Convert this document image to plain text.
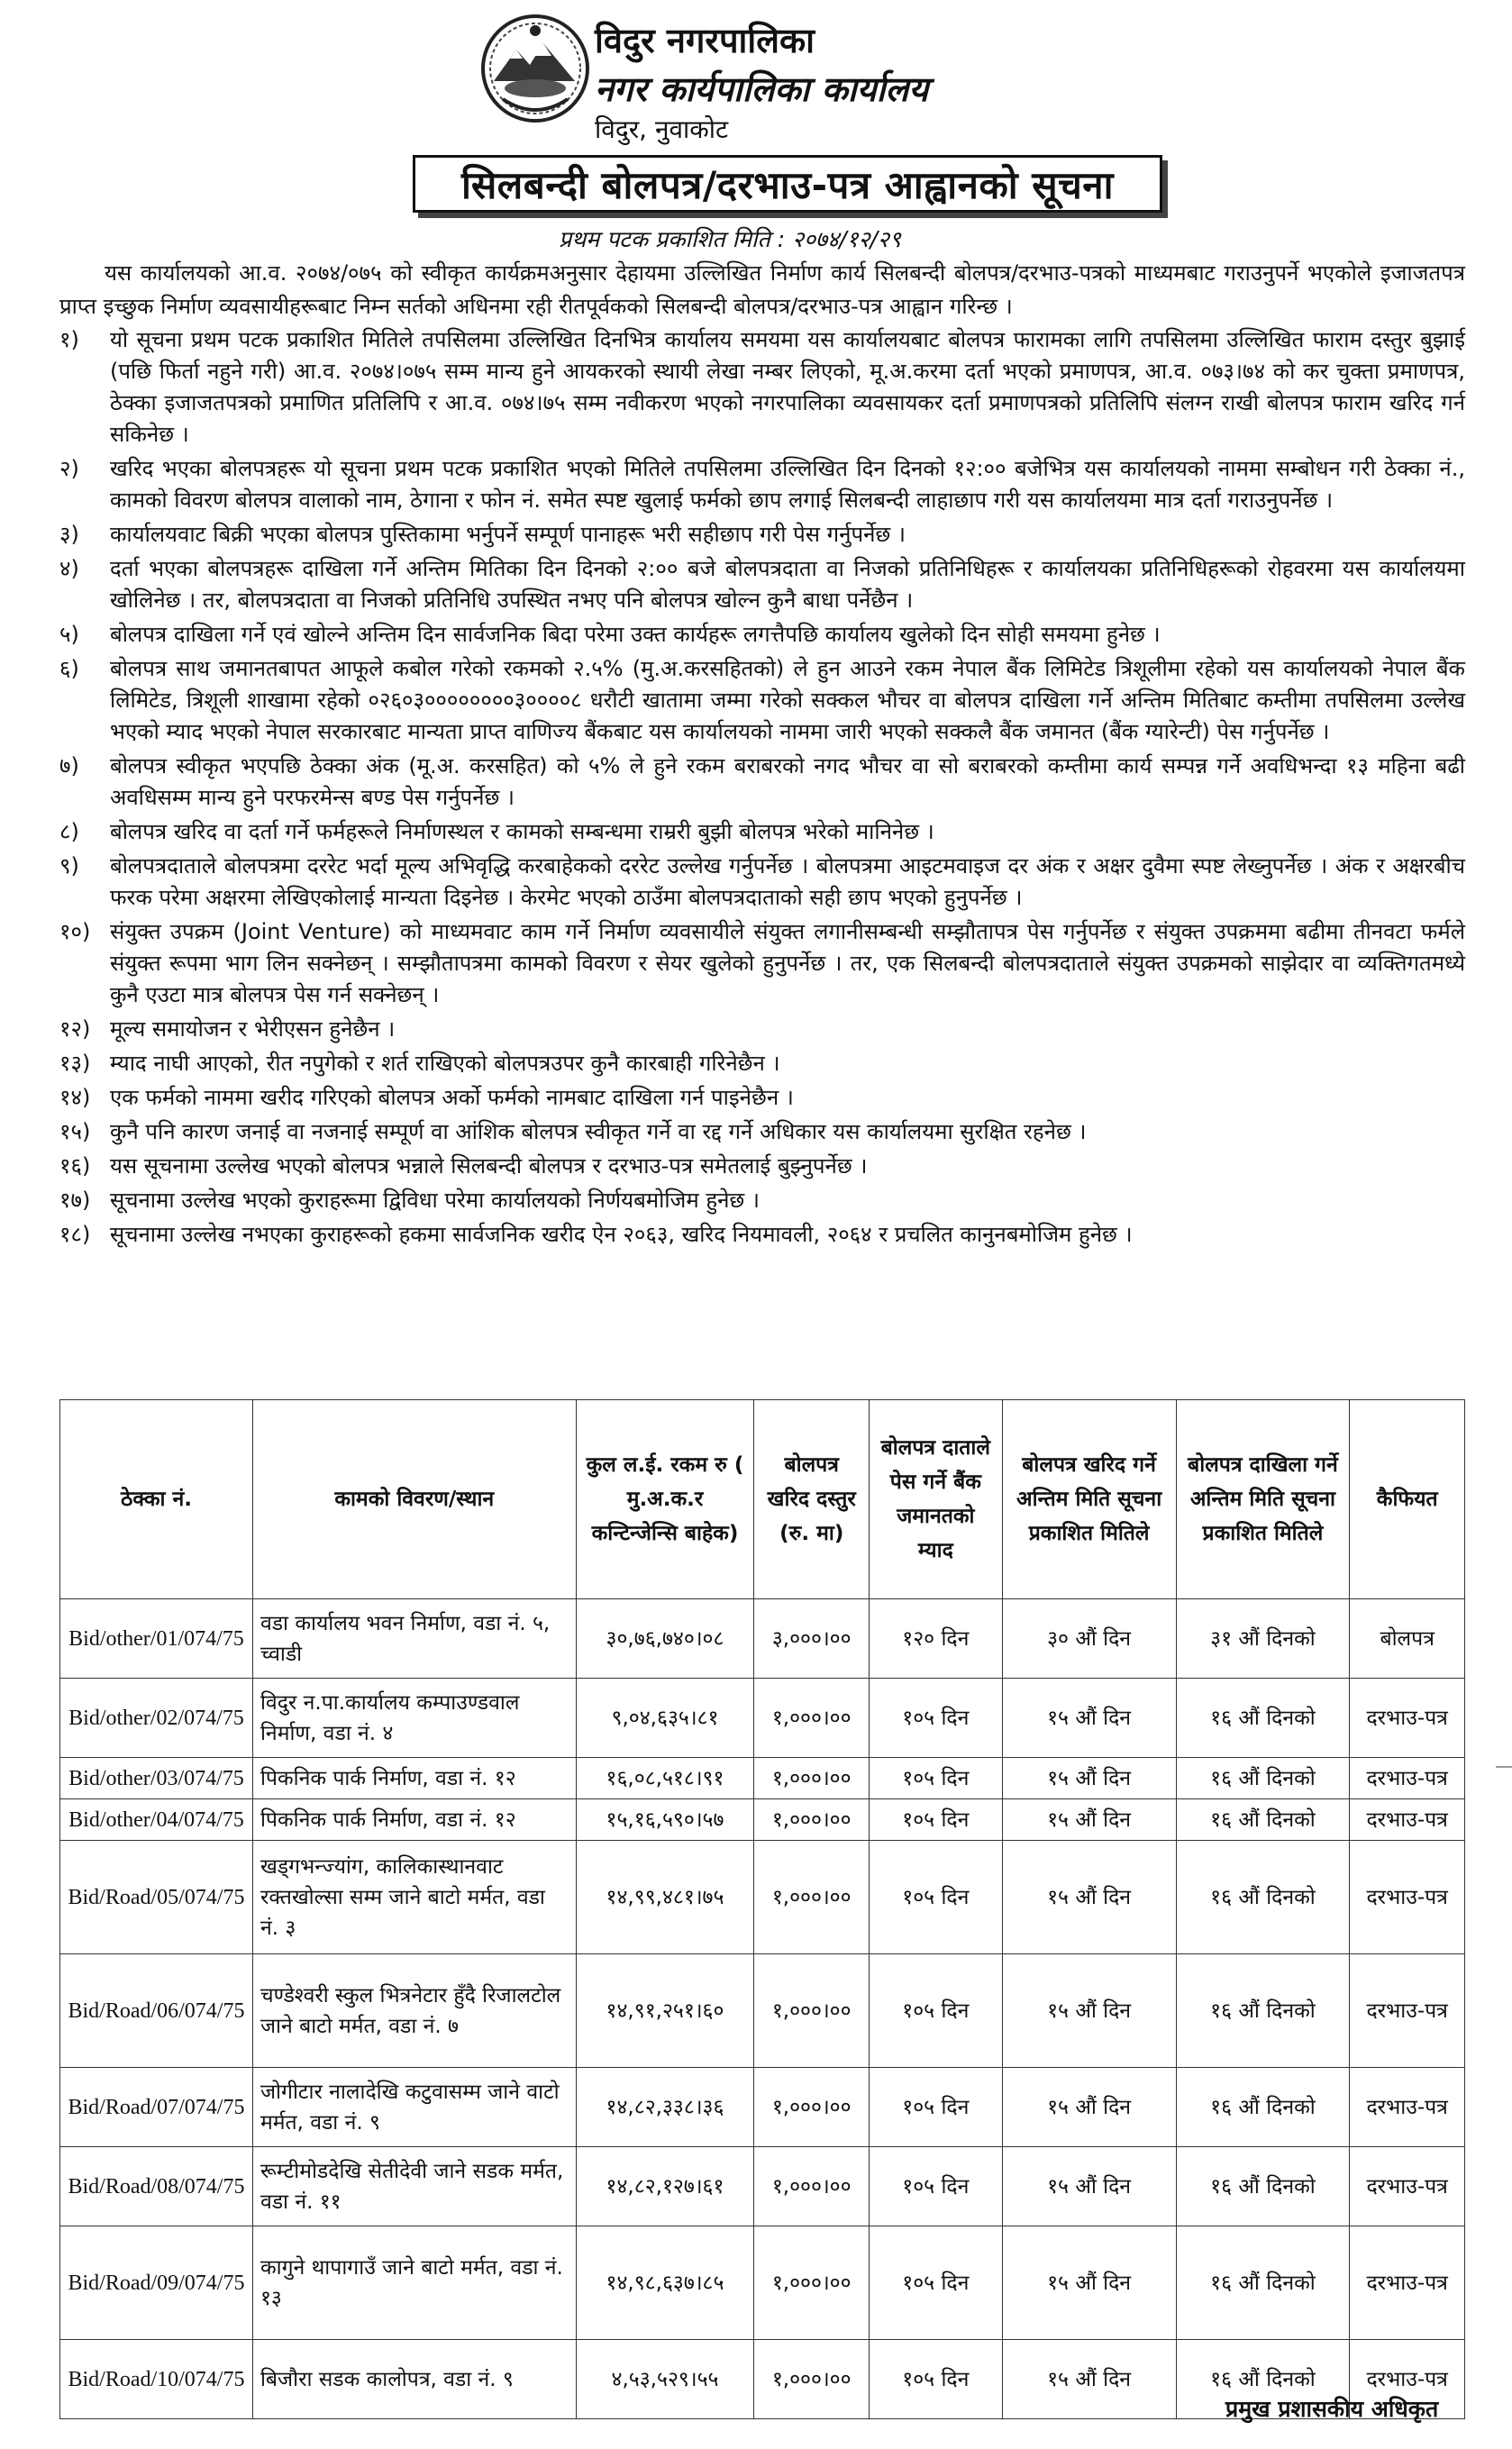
विदुर नगरपालिका
नगर कार्यपालिका कार्यालय
विदुर, नुवाकोट
सिलबन्दी बोलपत्र/दरभाउ-पत्र आह्वानको सूचना
प्रथम पटक प्रकाशित मिति : २०७४/१२/२९

यस कार्यालयको आ.व. २०७४/०७५ को स्वीकृत कार्यक्रमअनुसार देहायमा उल्लिखित निर्माण कार्य सिलबन्दी बोलपत्र/दरभाउ-पत्रको माध्यमबाट गराउनुपर्ने भएकोले इजाजतपत्र प्राप्त इच्छुक निर्माण व्यवसायीहरूबाट निम्न सर्तको अधिनमा रही रीतपूर्वकको सिलबन्दी बोलपत्र/दरभाउ-पत्र आह्वान गरिन्छ ।

१)	यो सूचना प्रथम पटक प्रकाशित मितिले तपसिलमा उल्लिखित दिनभित्र कार्यालय समयमा यस कार्यालयबाट बोलपत्र फारामका लागि तपसिलमा उल्लिखित फाराम दस्तुर बुझाई (पछि फिर्ता नहुने गरी) आ.व. २०७४।०७५ सम्म मान्य हुने आयकरको स्थायी लेखा नम्बर लिएको, मू.अ.करमा दर्ता भएको प्रमाणपत्र, आ.व. ०७३।७४ को कर चुक्ता प्रमाणपत्र, ठेक्का इजाजतपत्रको प्रमाणित प्रतिलिपि र आ.व. ०७४।७५ सम्म नवीकरण भएको नगरपालिका व्यवसायकर दर्ता प्रमाणपत्रको प्रतिलिपि संलग्न राखी बोलपत्र फाराम खरिद गर्न सकिनेछ ।
२)	खरिद भएका बोलपत्रहरू यो सूचना प्रथम पटक प्रकाशित भएको मितिले तपसिलमा उल्लिखित दिन दिनको १२:०० बजेभित्र यस कार्यालयको नाममा सम्बोधन गरी ठेक्का नं., कामको विवरण बोलपत्र वालाको नाम, ठेगाना र फोन नं. समेत स्पष्ट खुलाई फर्मको छाप लगाई सिलबन्दी लाहाछाप गरी यस कार्यालयमा मात्र दर्ता गराउनुपर्नेछ ।
३)	कार्यालयवाट बिक्री भएका बोलपत्र पुस्तिकामा भर्नुपर्ने सम्पूर्ण पानाहरू भरी सहीछाप गरी पेस गर्नुपर्नेछ ।
४)	दर्ता भएका बोलपत्रहरू दाखिला गर्ने अन्तिम मितिका दिन दिनको २:०० बजे बोलपत्रदाता वा निजको प्रतिनिधिहरू र कार्यालयका प्रतिनिधिहरूको रोहवरमा यस कार्यालयमा खोलिनेछ । तर, बोलपत्रदाता वा निजको प्रतिनिधि उपस्थित नभए पनि बोलपत्र खोल्न कुनै बाधा पर्नेछैन ।
५)	बोलपत्र दाखिला गर्ने एवं खोल्ने अन्तिम दिन सार्वजनिक बिदा परेमा उक्त कार्यहरू लगत्तैपछि कार्यालय खुलेको दिन सोही समयमा हुनेछ ।
६)	बोलपत्र साथ जमानतबापत आफूले कबोल गरेको रकमको २.५% (मु.अ.करसहितको) ले हुन आउने रकम नेपाल बैंक लिमिटेड त्रिशूलीमा रहेको यस कार्यालयको नेपाल बैंक लिमिटेड, त्रिशूली शाखामा रहेको ०२६०३००००००००३००००८ धरौटी खातामा जम्मा गरेको सक्कल भौचर वा बोलपत्र दाखिला गर्ने अन्तिम मितिबाट कम्तीमा तपसिलमा उल्लेख भएको म्याद भएको नेपाल सरकारबाट मान्यता प्राप्त वाणिज्य बैंकबाट यस कार्यालयको नाममा जारी भएको सक्कलै बैंक जमानत (बैंक ग्यारेन्टी) पेस गर्नुपर्नेछ ।
७)	बोलपत्र स्वीकृत भएपछि ठेक्का अंक (मू.अ. करसहित) को ५% ले हुने रकम बराबरको नगद भौचर वा सो बराबरको कम्तीमा कार्य सम्पन्न गर्ने अवधिभन्दा १३ महिना बढी अवधिसम्म मान्य हुने परफरमेन्स बण्ड पेस गर्नुपर्नेछ ।
८)	बोलपत्र खरिद वा दर्ता गर्ने फर्महरूले निर्माणस्थल र कामको सम्बन्धमा राम्ररी बुझी बोलपत्र भरेको मानिनेछ ।
९)	बोलपत्रदाताले बोलपत्रमा दररेट भर्दा मूल्य अभिवृद्धि करबाहेकको दररेट उल्लेख गर्नुपर्नेछ । बोलपत्रमा आइटमवाइज दर अंक र अक्षर दुवैमा स्पष्ट लेख्नुपर्नेछ । अंक र अक्षरबीच फरक परेमा अक्षरमा लेखिएकोलाई मान्यता दिइनेछ । केरमेट भएको ठाउँमा बोलपत्रदाताको सही छाप भएको हुनुपर्नेछ ।
१०) संयुक्त उपक्रम (Joint Venture) को माध्यमवाट काम गर्ने निर्माण व्यवसायीले संयुक्त लगानीसम्बन्धी सम्झौतापत्र पेस गर्नुपर्नेछ र संयुक्त उपक्रममा बढीमा तीनवटा फर्मले संयुक्त रूपमा भाग लिन सक्नेछन् । सम्झौतापत्रमा कामको विवरण र सेयर खुलेको हुनुपर्नेछ । तर, एक सिलबन्दी बोलपत्रदाताले संयुक्त उपक्रमको साझेदार वा व्यक्तिगतमध्ये कुनै एउटा मात्र बोलपत्र पेस गर्न सक्नेछन् ।
१२) मूल्य समायोजन र भेरीएसन हुनेछैन ।
१३) म्याद नाघी आएको, रीत नपुगेको र शर्त राखिएको बोलपत्रउपर कुनै कारबाही गरिनेछैन ।
१४) एक फर्मको नाममा खरीद गरिएको बोलपत्र अर्को फर्मको नामबाट दाखिला गर्न पाइनेछैन ।
१५) कुनै पनि कारण जनाई वा नजनाई सम्पूर्ण वा आंशिक बोलपत्र स्वीकृत गर्ने वा रद्द गर्ने अधिकार यस कार्यालयमा सुरक्षित रहनेछ ।
१६) यस सूचनामा उल्लेख भएको बोलपत्र भन्नाले सिलबन्दी बोलपत्र र दरभाउ-पत्र समेतलाई बुझ्नुपर्नेछ ।
१७) सूचनामा उल्लेख भएको कुराहरूमा द्विविधा परेमा कार्यालयको निर्णयबमोजिम हुनेछ ।
१८) सूचनामा उल्लेख नभएका कुराहरूको हकमा सार्वजनिक खरीद ऐन २०६३, खरिद नियमावली, २०६४ र प्रचलित कानुनबमोजिम हुनेछ ।
ठेक्का नं.	कामको विवरण/स्थान	कुल ल.ई. रकम रु ( मु.अ.क.र कन्टिन्जेन्सि बाहेक)	बोलपत्र खरिद दस्तुर (रु. मा)	बोलपत्र दाताले पेस गर्ने बैंक जमानतको म्याद	बोलपत्र खरिद गर्ने अन्तिम मिति सूचना प्रकाशित मितिले	बोलपत्र दाखिला गर्ने अन्तिम मिति सूचना प्रकाशित मितिले	कैफियत
Bid/other/01/074/75	वडा कार्यालय भवन निर्माण, वडा नं. ५, च्वाडी	३०,७६,७४०।०८	३,०००।००	१२० दिन	३० औं दिन	३१ औं दिनको	बोलपत्र
Bid/other/02/074/75	विदुर न.पा.कार्यालय कम्पाउण्डवाल निर्माण, वडा नं. ४	९,०४,६३५।८१	१,०००।००	१०५ दिन	१५ औं दिन	१६ औं दिनको	दरभाउ-पत्र
Bid/other/03/074/75	पिकनिक पार्क निर्माण, वडा नं. १२	१६,०८,५१८।९१	१,०००।००	१०५ दिन	१५ औं दिन	१६ औं दिनको	दरभाउ-पत्र
Bid/other/04/074/75	पिकनिक पार्क निर्माण, वडा नं. १२	१५,१६,५९०।५७	१,०००।००	१०५ दिन	१५ औं दिन	१६ औं दिनको	दरभाउ-पत्र
Bid/Road/05/074/75	खड्गभन्ज्यांग, कालिकास्थानवाट रक्तखोल्सा सम्म जाने बाटो मर्मत, वडा नं. ३	१४,९९,४८१।७५	१,०००।००	१०५ दिन	१५ औं दिन	१६ औं दिनको	दरभाउ-पत्र
Bid/Road/06/074/75	चण्डेश्वरी स्कुल भित्रनेटार हुँदै रिजालटोल जाने बाटो मर्मत, वडा नं. ७	१४,९१,२५१।६०	१,०००।००	१०५ दिन	१५ औं दिन	१६ औं दिनको	दरभाउ-पत्र
Bid/Road/07/074/75	जोगीटार नालादेखि कटुवासम्म जाने वाटो मर्मत, वडा नं. ९	१४,८२,३३८।३६	१,०००।००	१०५ दिन	१५ औं दिन	१६ औं दिनको	दरभाउ-पत्र
Bid/Road/08/074/75	रूम्टीमोडदेखि सेतीदेवी जाने सडक मर्मत, वडा नं. ११	१४,८२,१२७।६१	१,०००।००	१०५ दिन	१५ औं दिन	१६ औं दिनको	दरभाउ-पत्र
Bid/Road/09/074/75	कागुने थापागाउँ जाने बाटो मर्मत, वडा नं. १३	१४,९८,६३७।८५	१,०००।००	१०५ दिन	१५ औं दिन	१६ औं दिनको	दरभाउ-पत्र
Bid/Road/10/074/75	बिजौरा सडक कालोपत्र, वडा नं. ९	४,५३,५२९।५५	१,०००।००	१०५ दिन	१५ औं दिन	१६ औं दिनको	दरभाउ-पत्र
प्रमुख प्रशासकीय अधिकृत
